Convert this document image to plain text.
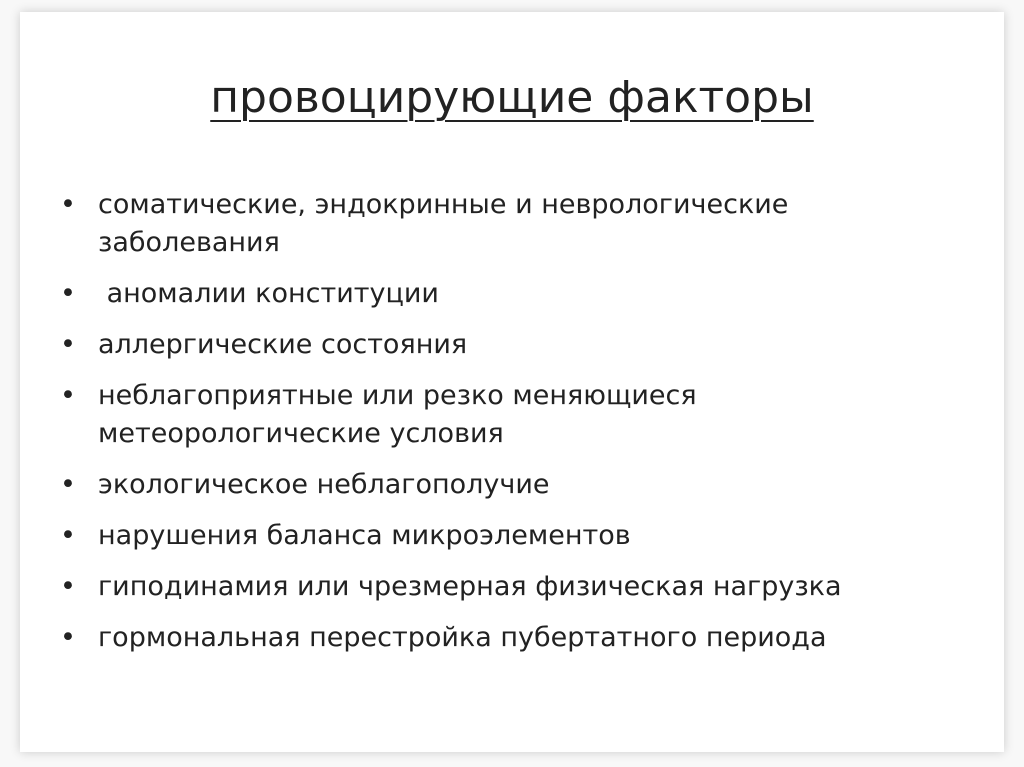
провоцирующие факторы
• соматические, эндокринные и неврологические заболевания
• аномалии конституции
• аллергические состояния
• неблагоприятные или резко меняющиеся метеорологические условия
• экологическое неблагополучие
• нарушения баланса микроэлементов
• гиподинамия или чрезмерная физическая нагрузка
• гормональная перестройка пубертатного периода
